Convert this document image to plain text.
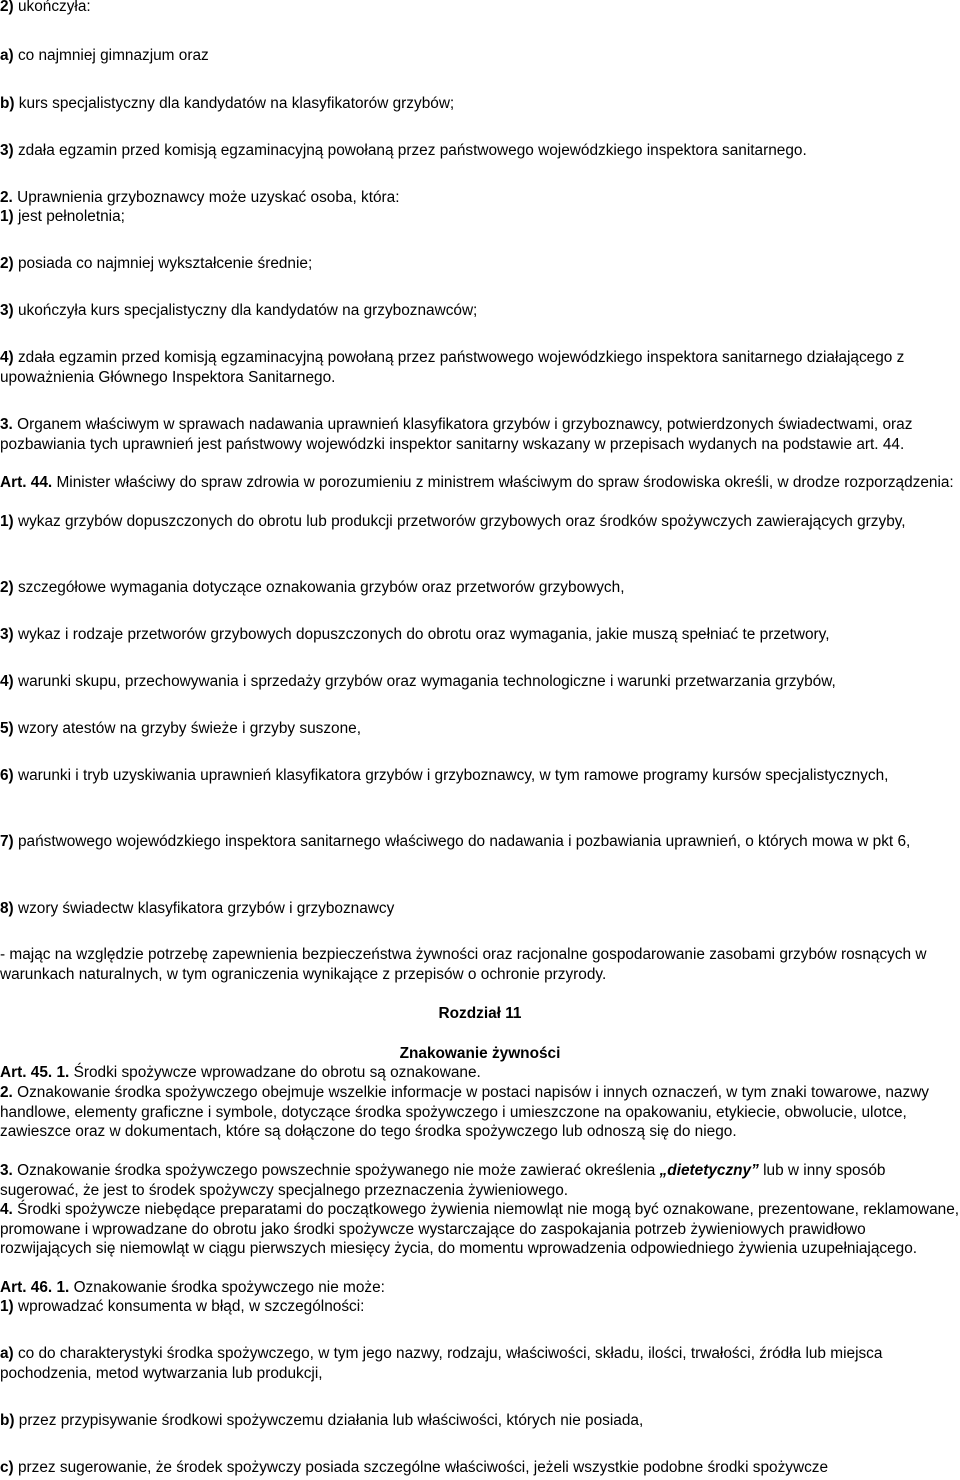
2) ukończyła:

a) co najmniej gimnazjum oraz

b) kurs specjalistyczny dla kandydatów na klasyfikatorów grzybów;

3) zdała egzamin przed komisją egzaminacyjną powołaną przez państwowego wojewódzkiego inspektora sanitarnego.

2. Uprawnienia grzyboznawcy może uzyskać osoba, która:

1) jest pełnoletnia;

2) posiada co najmniej wykształcenie średnie;

3) ukończyła kurs specjalistyczny dla kandydatów na grzyboznawców;

4) zdała egzamin przed komisją egzaminacyjną powołaną przez państwowego wojewódzkiego inspektora sanitarnego działającego z upoważnienia Głównego Inspektora Sanitarnego.

3. Organem właściwym w sprawach nadawania uprawnień klasyfikatora grzybów i grzyboznawcy, potwierdzonych świadectwami, oraz pozbawiania tych uprawnień jest państwowy wojewódzki inspektor sanitarny wskazany w przepisach wydanych na podstawie art. 44.

Art. 44. Minister właściwy do spraw zdrowia w porozumieniu z ministrem właściwym do spraw środowiska określi, w drodze rozporządzenia:

1) wykaz grzybów dopuszczonych do obrotu lub produkcji przetworów grzybowych oraz środków spożywczych zawierających grzyby,

2) szczegółowe wymagania dotyczące oznakowania grzybów oraz przetworów grzybowych,

3) wykaz i rodzaje przetworów grzybowych dopuszczonych do obrotu oraz wymagania, jakie muszą spełniać te przetwory,

4) warunki skupu, przechowywania i sprzedaży grzybów oraz wymagania technologiczne i warunki przetwarzania grzybów,

5) wzory atestów na grzyby świeże i grzyby suszone,

6) warunki i tryb uzyskiwania uprawnień klasyfikatora grzybów i grzyboznawcy, w tym ramowe programy kursów specjalistycznych,

7) państwowego wojewódzkiego inspektora sanitarnego właściwego do nadawania i pozbawiania uprawnień, o których mowa w pkt 6,

8) wzory świadectw klasyfikatora grzybów i grzyboznawcy

- mając na względzie potrzebę zapewnienia bezpieczeństwa żywności oraz racjonalne gospodarowanie zasobami grzybów rosnących w warunkach naturalnych, w tym ograniczenia wynikające z przepisów o ochronie przyrody.

Rozdział 11

Znakowanie żywności

Art. 45. 1. Środki spożywcze wprowadzane do obrotu są oznakowane.

2. Oznakowanie środka spożywczego obejmuje wszelkie informacje w postaci napisów i innych oznaczeń, w tym znaki towarowe, nazwy handlowe, elementy graficzne i symbole, dotyczące środka spożywczego i umieszczone na opakowaniu, etykiecie, obwolucie, ulotce, zawieszce oraz w dokumentach, które są dołączone do tego środka spożywczego lub odnoszą się do niego.

3. Oznakowanie środka spożywczego powszechnie spożywanego nie może zawierać określenia „dietetyczny” lub w inny sposób sugerować, że jest to środek spożywczy specjalnego przeznaczenia żywieniowego.

4. Środki spożywcze niebędące preparatami do początkowego żywienia niemowląt nie mogą być oznakowane, prezentowane, reklamowane, promowane i wprowadzane do obrotu jako środki spożywcze wystarczające do zaspokajania potrzeb żywieniowych prawidłowo rozwijających się niemowląt w ciągu pierwszych miesięcy życia, do momentu wprowadzenia odpowiedniego żywienia uzupełniającego.

Art. 46. 1. Oznakowanie środka spożywczego nie może:

1) wprowadzać konsumenta w błąd, w szczególności:

a) co do charakterystyki środka spożywczego, w tym jego nazwy, rodzaju, właściwości, składu, ilości, trwałości, źródła lub miejsca pochodzenia, metod wytwarzania lub produkcji,

b) przez przypisywanie środkowi spożywczemu działania lub właściwości, których nie posiada,

c) przez sugerowanie, że środek spożywczy posiada szczególne właściwości, jeżeli wszystkie podobne środki spożywcze
